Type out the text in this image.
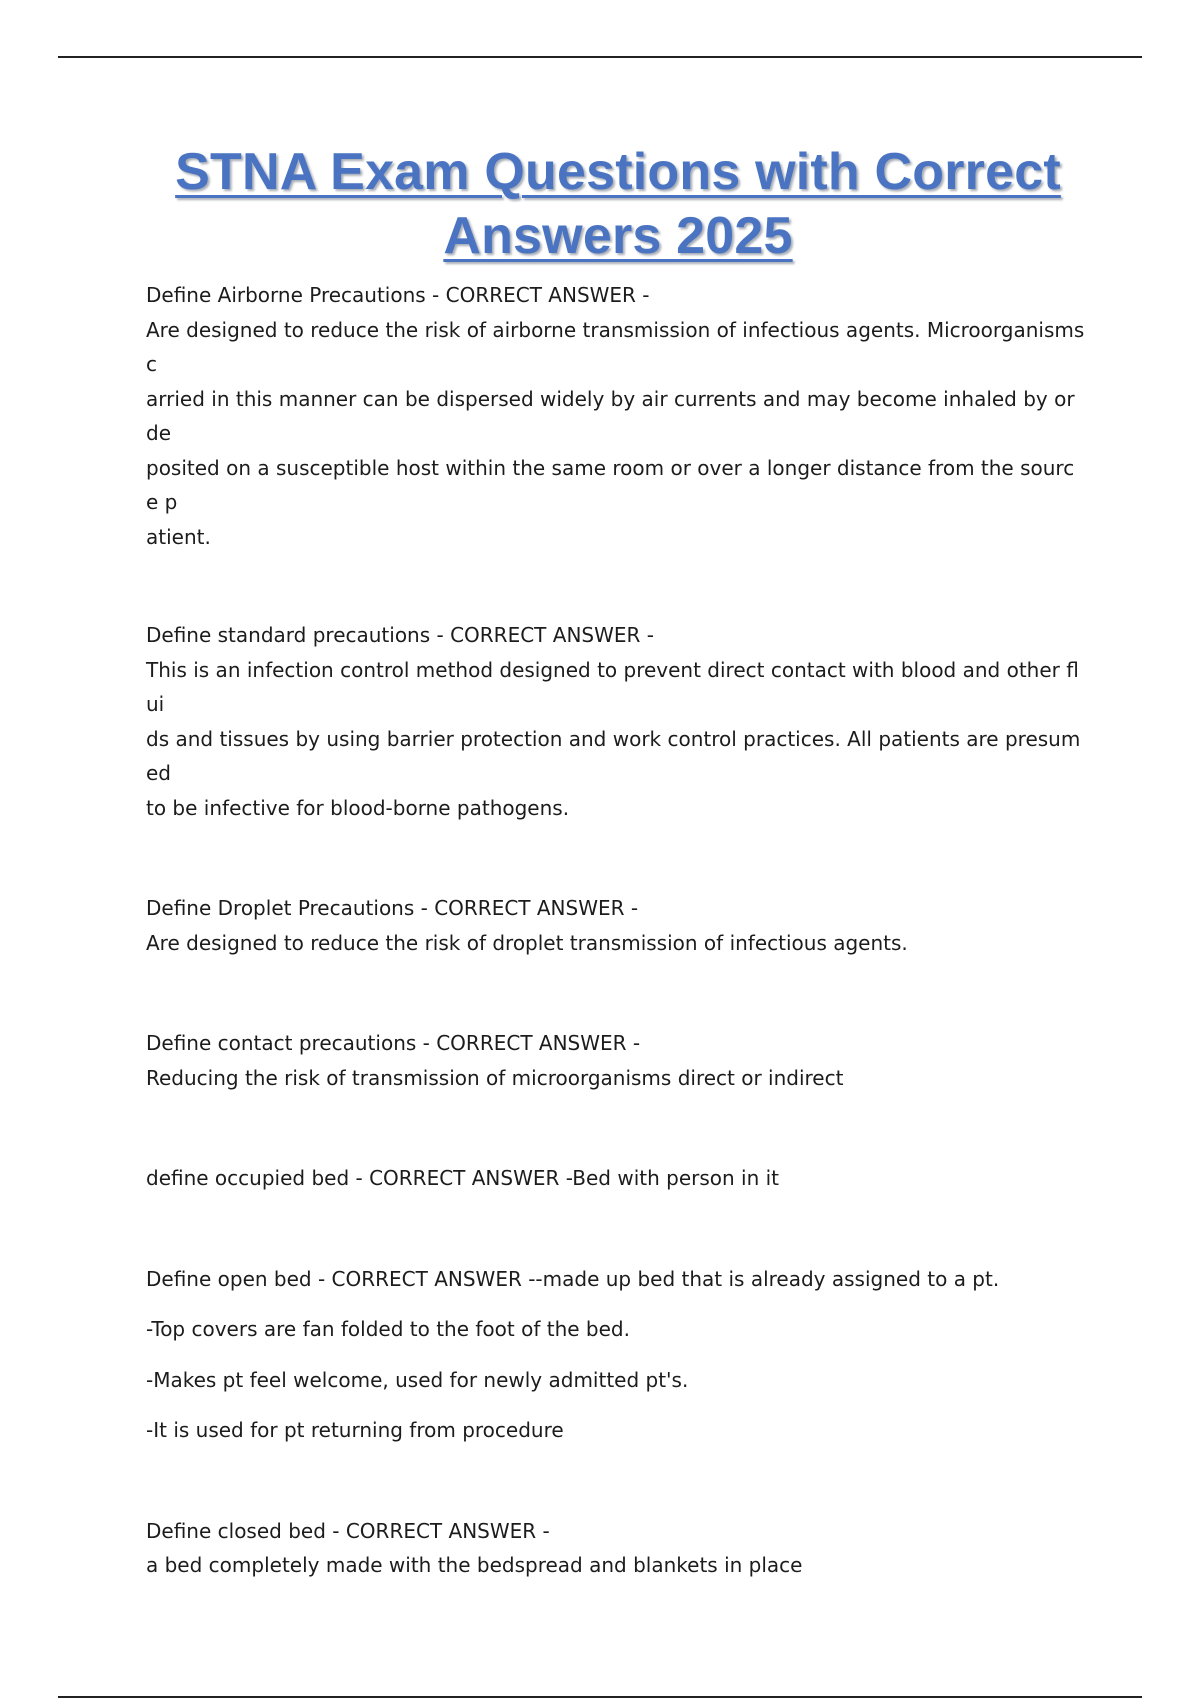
STNA Exam Questions with Correct
Answers 2025

Define Airborne Precautions - CORRECT ANSWER -

Are designed to reduce the risk of airborne transmission of infectious agents. Microorganisms c

arried in this manner can be dispersed widely by air currents and may become inhaled by or de

posited on a susceptible host within the same room or over a longer distance from the source p

atient.

Define standard precautions - CORRECT ANSWER -

This is an infection control method designed to prevent direct contact with blood and other flui

ds and tissues by using barrier protection and work control practices. All patients are presumed

to be infective for blood-borne pathogens.

Define Droplet Precautions - CORRECT ANSWER -

Are designed to reduce the risk of droplet transmission of infectious agents.

Define contact precautions - CORRECT ANSWER -

Reducing the risk of transmission of microorganisms direct or indirect

define occupied bed - CORRECT ANSWER -Bed with person in it

Define open bed - CORRECT ANSWER --made up bed that is already assigned to a pt.

-Top covers are fan folded to the foot of the bed.

-Makes pt feel welcome, used for newly admitted pt's.

-It is used for pt returning from procedure

Define closed bed - CORRECT ANSWER -

a bed completely made with the bedspread and blankets in place
